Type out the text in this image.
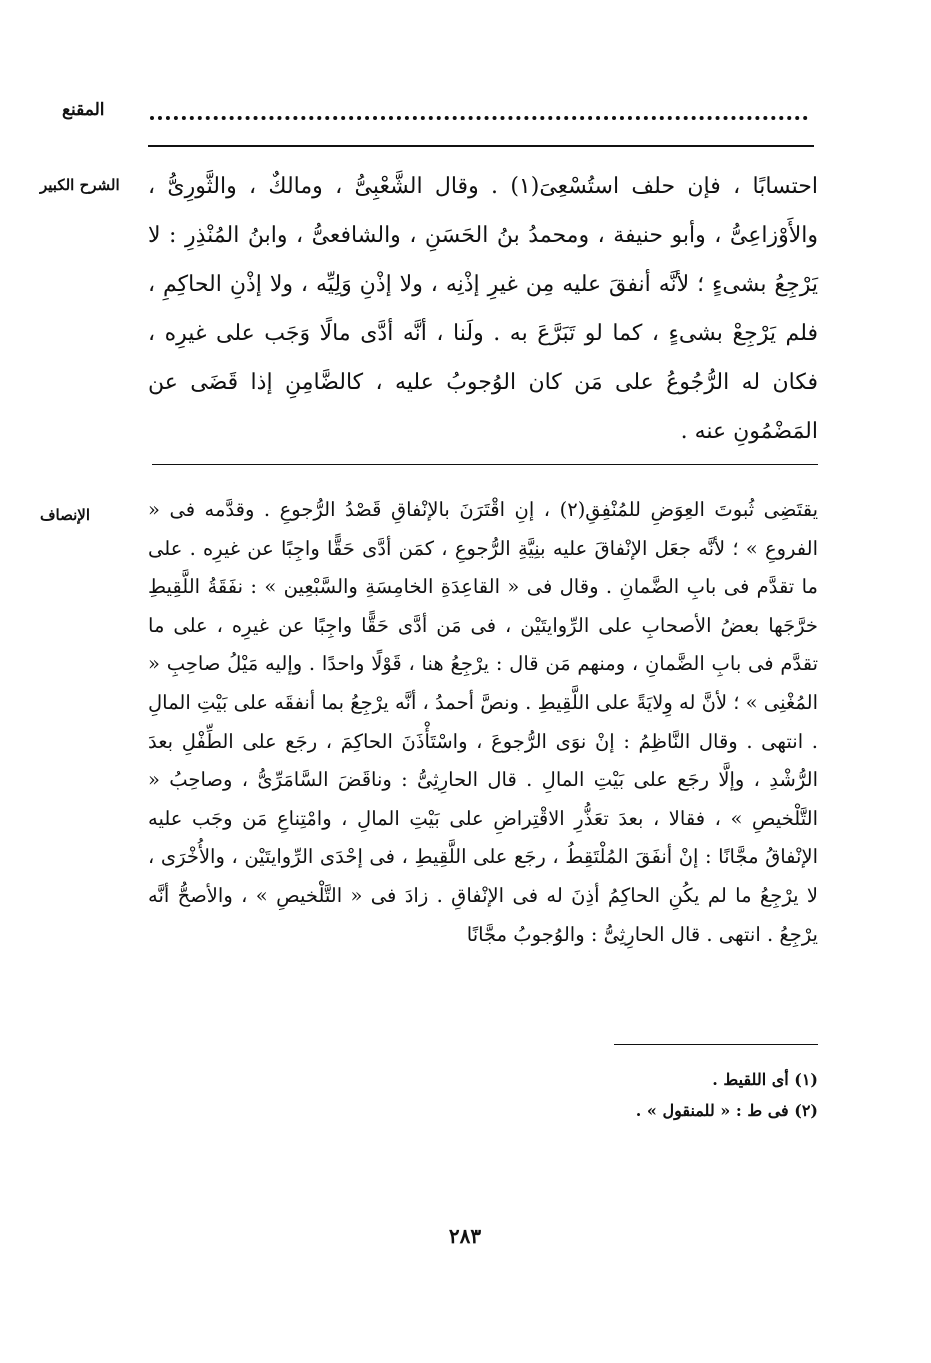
المقنع
الشرح الكبير	احتسابًا ، فإن حلف استُسْعِىَ(١) . وقال الشَّعْبِىُّ ، ومالكٌ ، والثَّورِىُّ ، والأَوْزاعِىُّ ، وأبو حنيفة ، ومحمدُ بنُ الحَسَنِ ، والشافعىُّ ، وابنُ المُنْذِرِ : لا يَرْجِعُ بشىءٍ ؛ لأنَّه أنفقَ عليه مِن غيرِ إذْنِه ، ولا إذْنِ وَلِيِّه ، ولا إذْنِ الحاكِمِ ، فلم يَرْجِعْ بشىءٍ ، كما لو تَبَرَّعَ به . ولَنا ، أنَّه أدَّى مالًا وَجَب على غيرِه ، فكان له الرُّجُوعُ على مَن كان الوُجوبُ عليه ، كالضَّامِنِ إذا قَضَى عن المَضْمُونِ عنه .

الإنصاف	يقتَضِى ثُبوتَ العِوَضِ للمُنْفِقِ(٢) ، إنِ اقْتَرَنَ بالإنْفاقِ قَصْدُ الرُّجوعِ . وقدَّمه فى « الفروعِ » ؛ لأنَّه جعَل الإنْفاقَ عليه بنِيَّةِ الرُّجوعِ ، كمَن أدَّى حَقًّا واجِبًا عن غيرِه . على ما تقدَّم فى بابِ الضَّمانِ . وقال فى « القاعِدَةِ الخامِسَةِ والسَّبْعِين » : نفَقَةُ اللَّقِيطِ خرَّجَها بعضُ الأصحابِ على الرِّوايتَيْن ، فى مَن أدَّى حَقًّا واجِبًا عن غيرِه ، على ما تقدَّم فى بابِ الضَّمانِ ، ومنهم مَن قال : يرْجِعُ هنا ، قَوْلًا واحدًا . وإليه مَيْلُ صاحِبِ « المُغْنِى » ؛ لأنَّ له وِلايَةً على اللَّقِيطِ . ونصَّ أحمدُ ، أنَّه يرْجِعُ بما أنفقَه على بَيْتِ المالِ . انتهى . وقال النَّاظِمُ : إنْ نوَى الرُّجوعَ ، واسْتَأْذَنَ الحاكِمَ ، رجَع على الطِّفْلِ بعدَ الرُّشْدِ ، وإلَّا رجَع على بَيْتِ المالِ . قال الحارِثِىُّ : وناقَضَ السَّامَرِّىُّ ، وصاحِبُ « التَّلْخيصِ » ، فقالا ، بعدَ تعَذُّرِ الاقْتِراضِ على بَيْتِ المالِ ، وامْتِناعِ مَن وجَب عليه الإنْفاقُ مجَّانًا : إنْ أنفَقَ المُلْتَقِطُ ، رجَع على اللَّقِيطِ ، فى إحْدَى الرِّوايتَيْن ، والأُخْرَى ، لا يرْجِعُ ما لم يكُنِ الحاكِمُ أذِنَ له فى الإنْفاقِ . زادَ فى « التَّلْخيصِ » ، والأصحُّ أنَّه يرْجِعُ . انتهى . قال الحارِثِىُّ : والوُجوبُ مجَّانًا

(١) أى اللقيط .

(٢) فى ط : « للمنقول » .

٢٨٣
